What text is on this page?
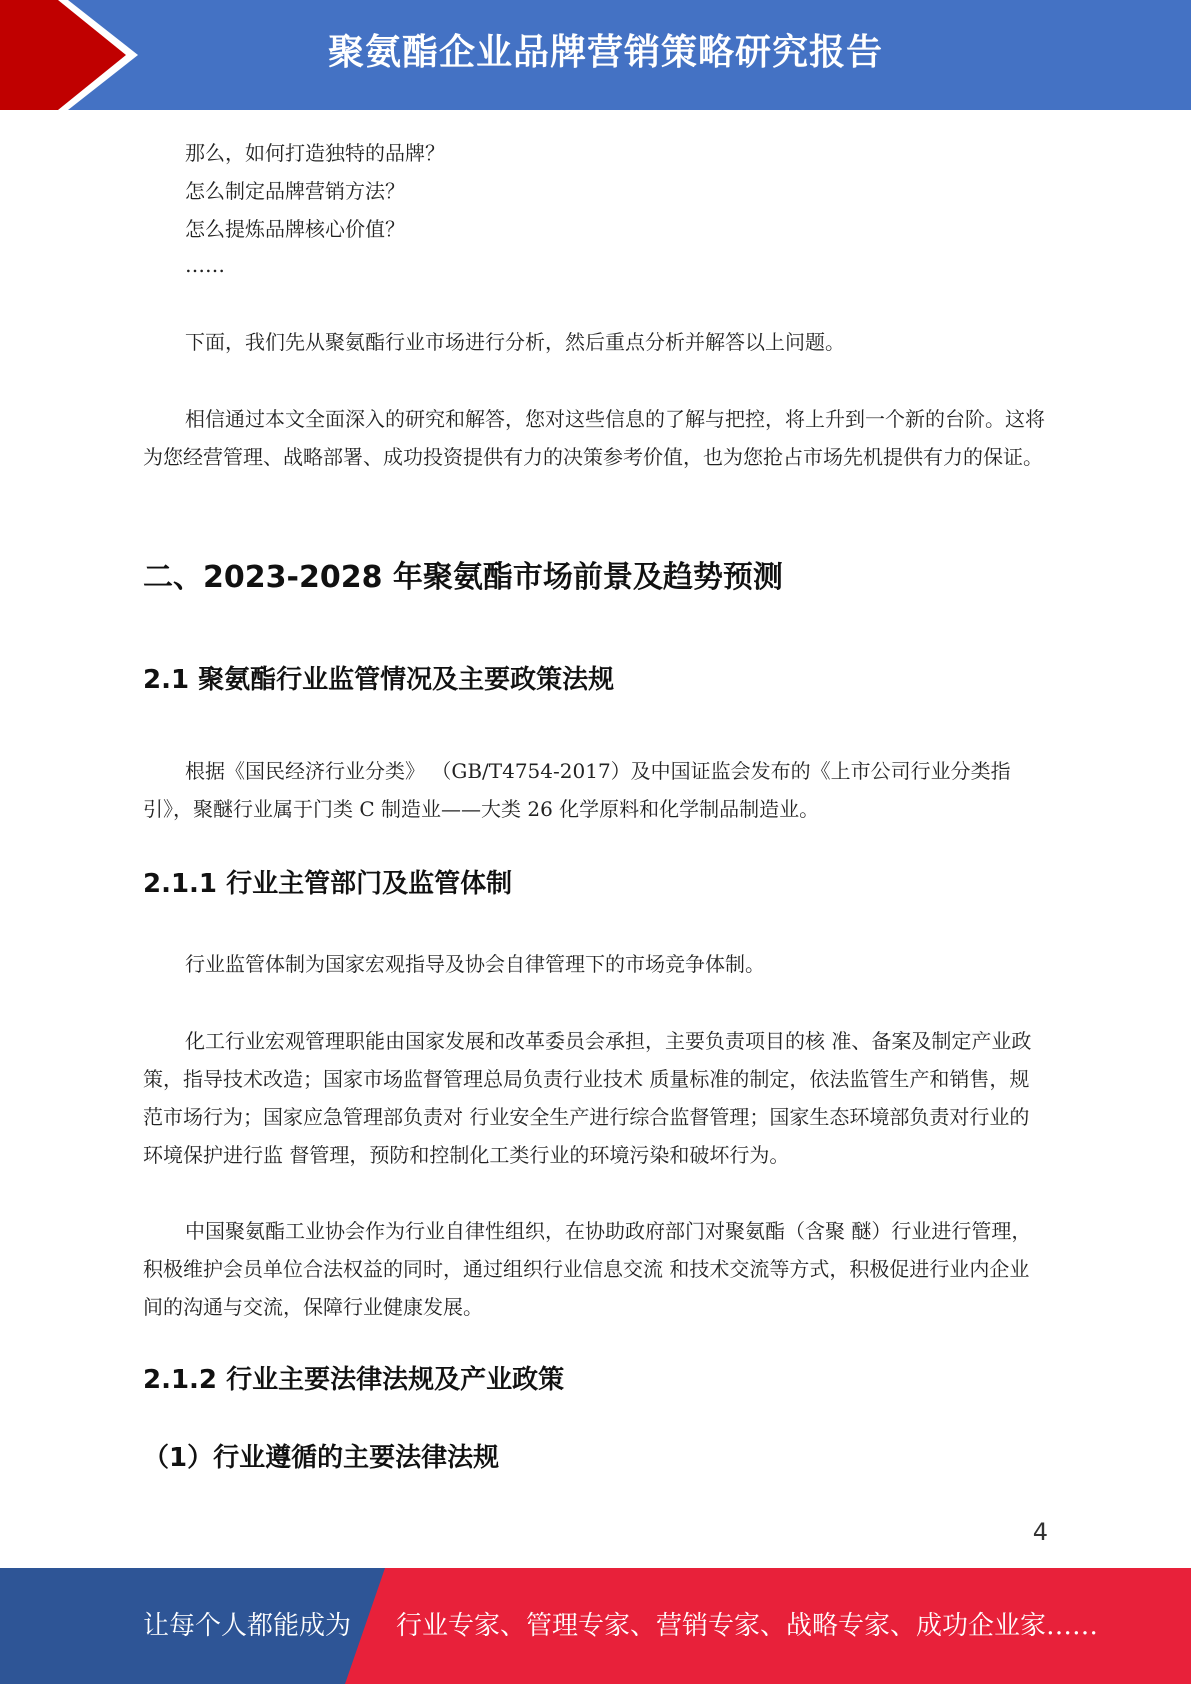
聚氨酯企业品牌营销策略研究报告

那么，如何打造独特的品牌？

怎么制定品牌营销方法？

怎么提炼品牌核心价值？

……

下面，我们先从聚氨酯行业市场进行分析，然后重点分析并解答以上问题。

相信通过本文全面深入的研究和解答，您对这些信息的了解与把控，将上升到一个新的台阶。这将为您经营管理、战略部署、成功投资提供有力的决策参考价值，也为您抢占市场先机提供有力的保证。

二、2023-2028 年聚氨酯市场前景及趋势预测
2.1 聚氨酯行业监管情况及主要政策法规

根据《国民经济行业分类》 （GB/T4754-2017）及中国证监会发布的《上市公司行业分类指引》，聚醚行业属于门类 C 制造业——大类 26 化学原料和化学制品制造业。

2.1.1 行业主管部门及监管体制

行业监管体制为国家宏观指导及协会自律管理下的市场竞争体制。

化工行业宏观管理职能由国家发展和改革委员会承担，主要负责项目的核 准、备案及制定产业政策，指导技术改造；国家市场监督管理总局负责行业技术 质量标准的制定，依法监管生产和销售，规范市场行为；国家应急管理部负责对 行业安全生产进行综合监督管理；国家生态环境部负责对行业的环境保护进行监 督管理，预防和控制化工类行业的环境污染和破坏行为。

中国聚氨酯工业协会作为行业自律性组织，在协助政府部门对聚氨酯（含聚 醚）行业进行管理，积极维护会员单位合法权益的同时，通过组织行业信息交流 和技术交流等方式，积极促进行业内企业间的沟通与交流，保障行业健康发展。

2.1.2 行业主要法律法规及产业政策
（1）行业遵循的主要法律法规
4
让每个人都能成为 行业专家、管理专家、营销专家、战略专家、成功企业家……
